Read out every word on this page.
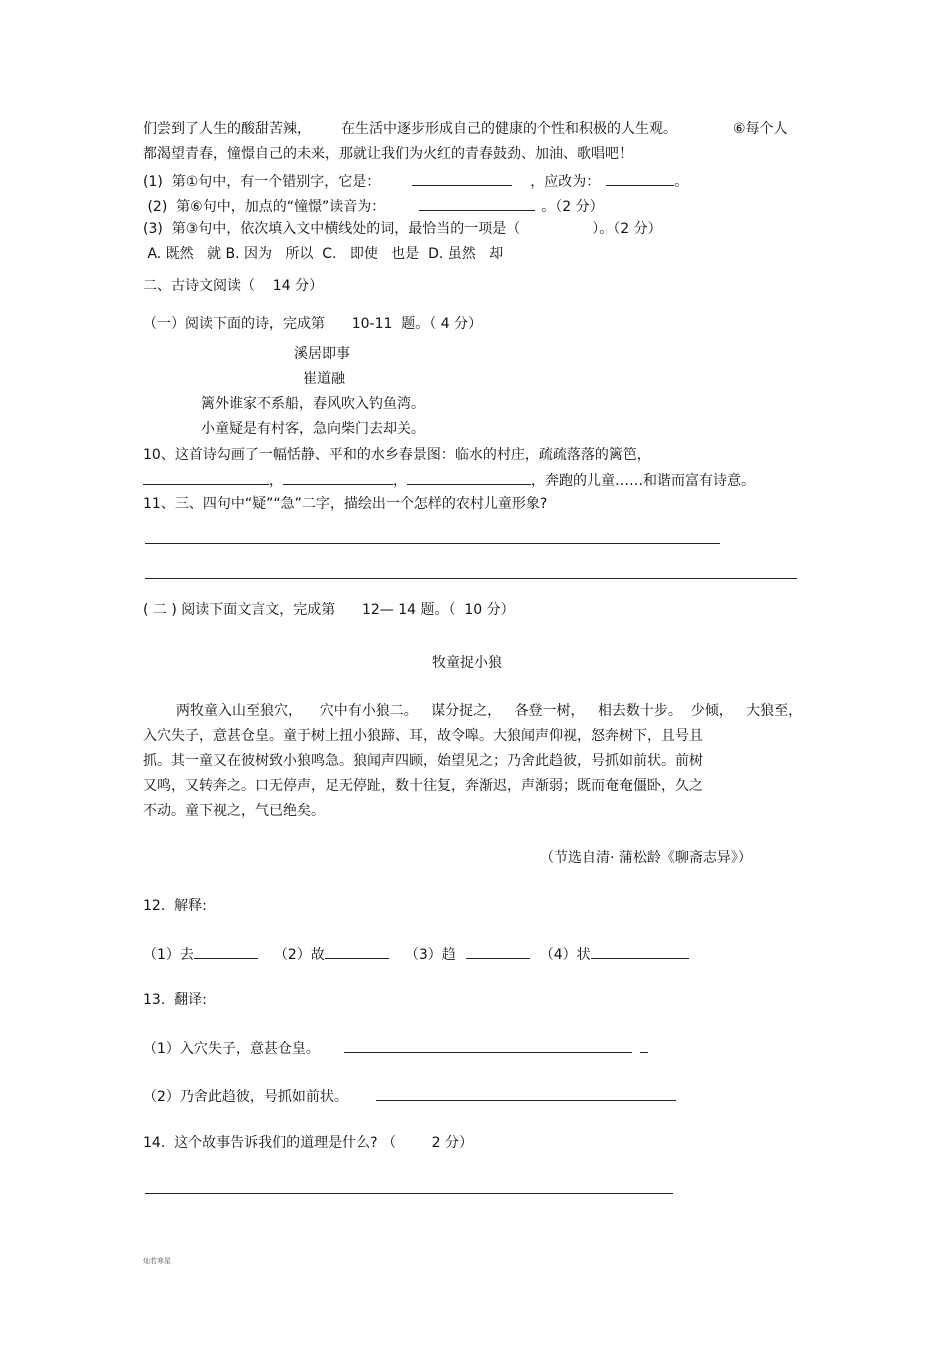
们尝到了人生的酸甜苦辣， 在生活中逐步形成自己的健康的个性和积极的人生观。	⑥每个人
都渴望青春，憧憬自己的未来，那就让我们为火红的青春鼓劲、加油、歌唱吧！
(1)  第①句中，有一个错别字，它是：	，应改为：	。
(2)  第⑥句中，加点的“憧憬”读音为：	。（2 分）
(3)  第③句中，依次填入文中横线处的词，最恰当的一项是（	）。（2 分）
A. 既然   就 B. 因为   所以  C.   即使   也是  D. 虽然   却
二、古诗文阅读（    14 分）
（一）阅读下面的诗，完成第      10-11  题。（ 4 分）
溪居即事
崔道融
篱外谁家不系船，春风吹入钓鱼湾。
小童疑是有村客，急向柴门去却关。
10、这首诗勾画了一幅恬静、平和的水乡春景图：临水的村庄，疏疏落落的篱笆，
，	，	，奔跑的儿童……和谐而富有诗意。
11、三、四句中“疑”“急”二字，描绘出一个怎样的农村儿童形象?
( 二 ) 阅读下面文言文，完成第      12— 14 题。（  10 分）
牧童捉小狼
两牧童入山至狼穴，    穴中有小狼二。   谋分捉之，   各登一树，   相去数十步。  少倾，   大狼至，
入穴失子，意甚仓皇。童于树上扭小狼蹄、耳，故令嗥。大狼闻声仰视，怒奔树下，且号且
抓。其一童又在彼树致小狼鸣急。狼闻声四顾，始望见之；乃舍此趋彼，号抓如前状。前树
又鸣，又转奔之。口无停声，足无停趾，数十往复，奔渐迟，声渐弱；既而奄奄僵卧，久之
不动。童下视之，气已绝矣。
（节选自清· 蒲松龄《聊斋志异》）
12.  解释:
（1）去	（2）故	（3）趋	（4）状
13.  翻译:
（1）入穴失子，意甚仓皇。
（2）乃舍此趋彼，号抓如前状。
14.  这个故事告诉我们的道理是什么? （        2 分）
灿若寒星
